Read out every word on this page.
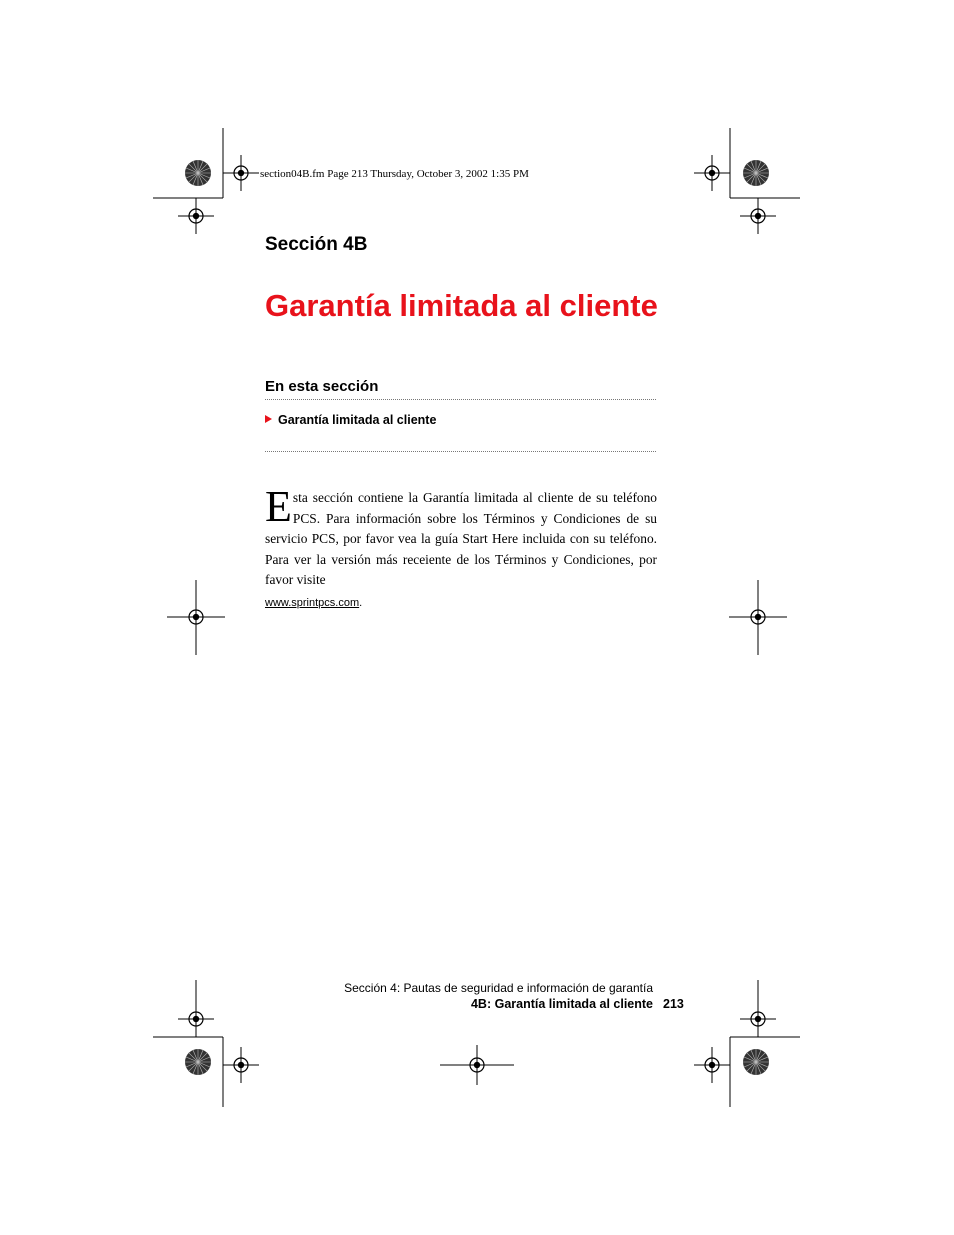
section04B.fm Page 213 Thursday, October 3, 2002 1:35 PM
Sección 4B
Garantía limitada al cliente
En esta sección
Garantía limitada al cliente
Esta sección contiene la Garantía limitada al cliente de su teléfono PCS. Para información sobre los Términos y Condiciones de su servicio PCS, por favor vea la guía Start Here incluida con su teléfono. Para ver la versión más receiente de los Términos y Condiciones, por favor visite
www.sprintpcs.com.
Sección 4: Pautas de seguridad e información de garantía
4B: Garantía limitada al cliente 213
